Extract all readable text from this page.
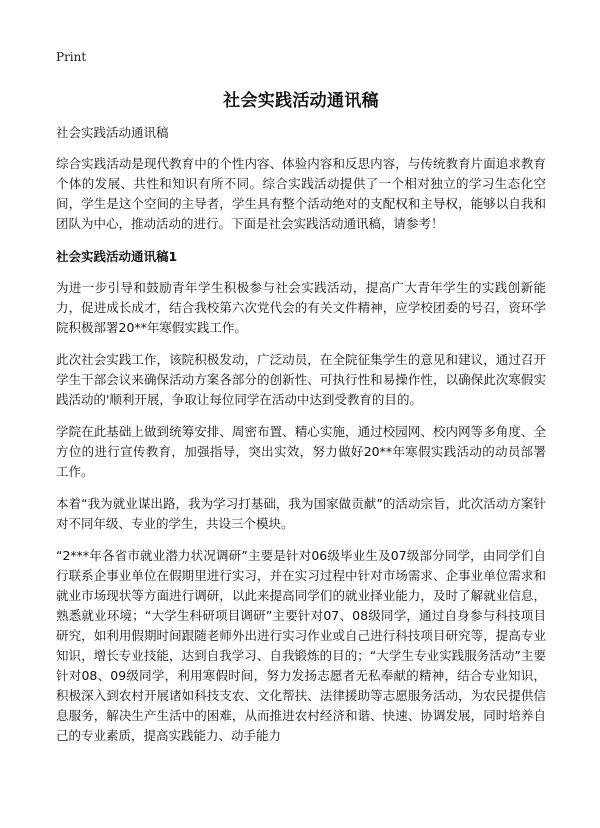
Print
社会实践活动通讯稿
社会实践活动通讯稿

综合实践活动是现代教育中的个性内容、体验内容和反思内容，与传统教育片面追求教育个体的发展、共性和知识有所不同。综合实践活动提供了一个相对独立的学习生态化空间，学生是这个空间的主导者，学生具有整个活动绝对的支配权和主导权，能够以自我和团队为中心，推动活动的进行。下面是社会实践活动通讯稿，请参考！

社会实践活动通讯稿1

为进一步引导和鼓励青年学生积极参与社会实践活动，提高广大青年学生的实践创新能力，促进成长成才，结合我校第六次党代会的有关文件精神，应学校团委的号召，资环学院积极部署20**年寒假实践工作。

此次社会实践工作，该院积极发动，广泛动员，在全院征集学生的意见和建议，通过召开学生干部会议来确保活动方案各部分的创新性、可执行性和易操作性，以确保此次寒假实践活动的'顺利开展，争取让每位同学在活动中达到受教育的目的。

学院在此基础上做到统筹安排、周密布置、精心实施，通过校园网、校内网等多角度、全方位的进行宣传教育，加强指导，突出实效，努力做好20**年寒假实践活动的动员部署工作。

本着“我为就业谋出路，我为学习打基础，我为国家做贡献”的活动宗旨，此次活动方案针对不同年级、专业的学生，共设三个模块。

“2***年各省市就业潜力状况调研”主要是针对06级毕业生及07级部分同学，由同学们自行联系企事业单位在假期里进行实习，并在实习过程中针对市场需求、企事业单位需求和就业市场现状等方面进行调研，以此来提高同学们的就业择业能力，及时了解就业信息，熟悉就业环境；“大学生科研项目调研”主要针对07、08级同学，通过自身参与科技项目研究，如利用假期时间跟随老师外出进行实习作业或自己进行科技项目研究等，提高专业知识，增长专业技能，达到自我学习、自我锻炼的目的；“大学生专业实践服务活动”主要针对08、09级同学，利用寒假时间，努力发扬志愿者无私奉献的精神，结合专业知识，积极深入到农村开展诸如科技支农、文化帮扶、法律援助等志愿服务活动，为农民提供信息服务，解决生产生活中的困难，从而推进农村经济和谐、快速、协调发展，同时培养自己的专业素质，提高实践能力、动手能力
